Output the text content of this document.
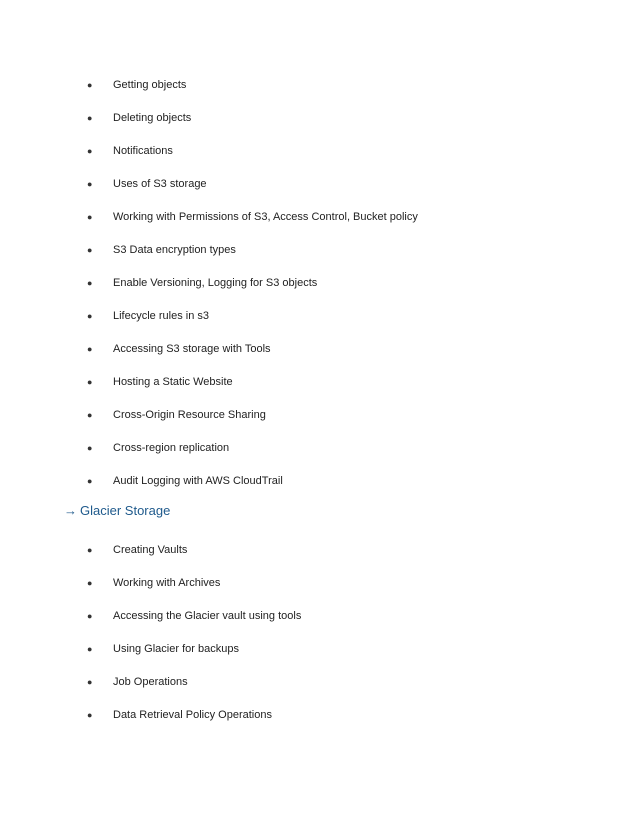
● Getting objects
● Deleting objects
● Notifications
● Uses of S3 storage
● Working with Permissions of S3, Access Control, Bucket policy
● S3 Data encryption types
● Enable Versioning, Logging for S3 objects
● Lifecycle rules in s3
● Accessing S3 storage with Tools
● Hosting a Static Website
● Cross-Origin Resource Sharing
● Cross-region replication
● Audit Logging with AWS CloudTrail
→ Glacier Storage
● Creating Vaults
● Working with Archives
● Accessing the Glacier vault using tools
● Using Glacier for backups
● Job Operations
● Data Retrieval Policy Operations
